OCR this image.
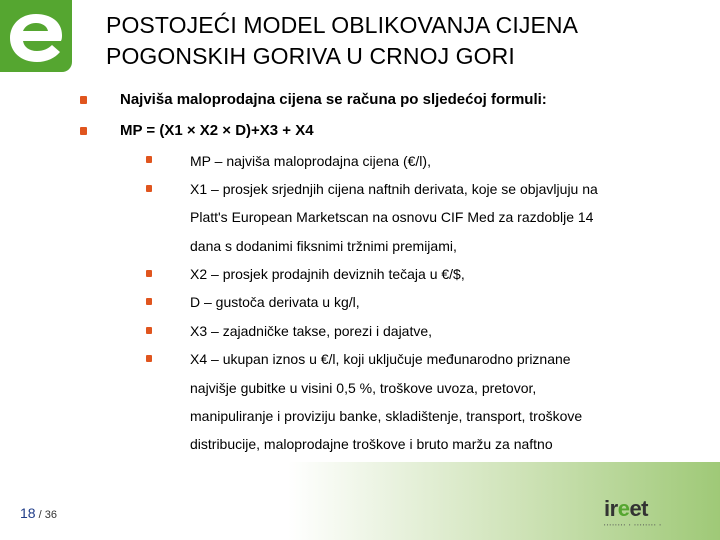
POSTOJEĆI MODEL OBLIKOVANJA CIJENA
POGONSKIH GORIVA U CRNOJ GORI
Najviša maloprodajna cijena se računa po sljedećoj formuli:
MP = (X1 × X2 × D)+X3 + X4
MP – najviša maloprodajna cijena (€/l),
X1 – prosjek srjednjih cijena naftnih derivata, koje se objavljuju na
Platt's European Marketscan na osnovu CIF Med za razdoblje 14
dana s dodanimi fiksnimi tržnimi premijami,
X2 – prosjek prodajnih deviznih tečaja u €/$,
D – gustoča derivata u kg/l,
X3 – zajadničke takse, porezi i dajatve,
X4 – ukupan iznos u €/l, koji uključuje međunarodno priznane
najvišje gubitke u visini 0,5 %, troškove uvoza, pretovor,
manipuliranje i proviziju banke, skladištenje, transport, troškove
distribucije, maloprodajne troškove i bruto maržu za naftno
18 / 36	ireet
▪▪▪▪▪▪▪▪ ▪ ▪▪▪▪▪▪▪▪ ▪
